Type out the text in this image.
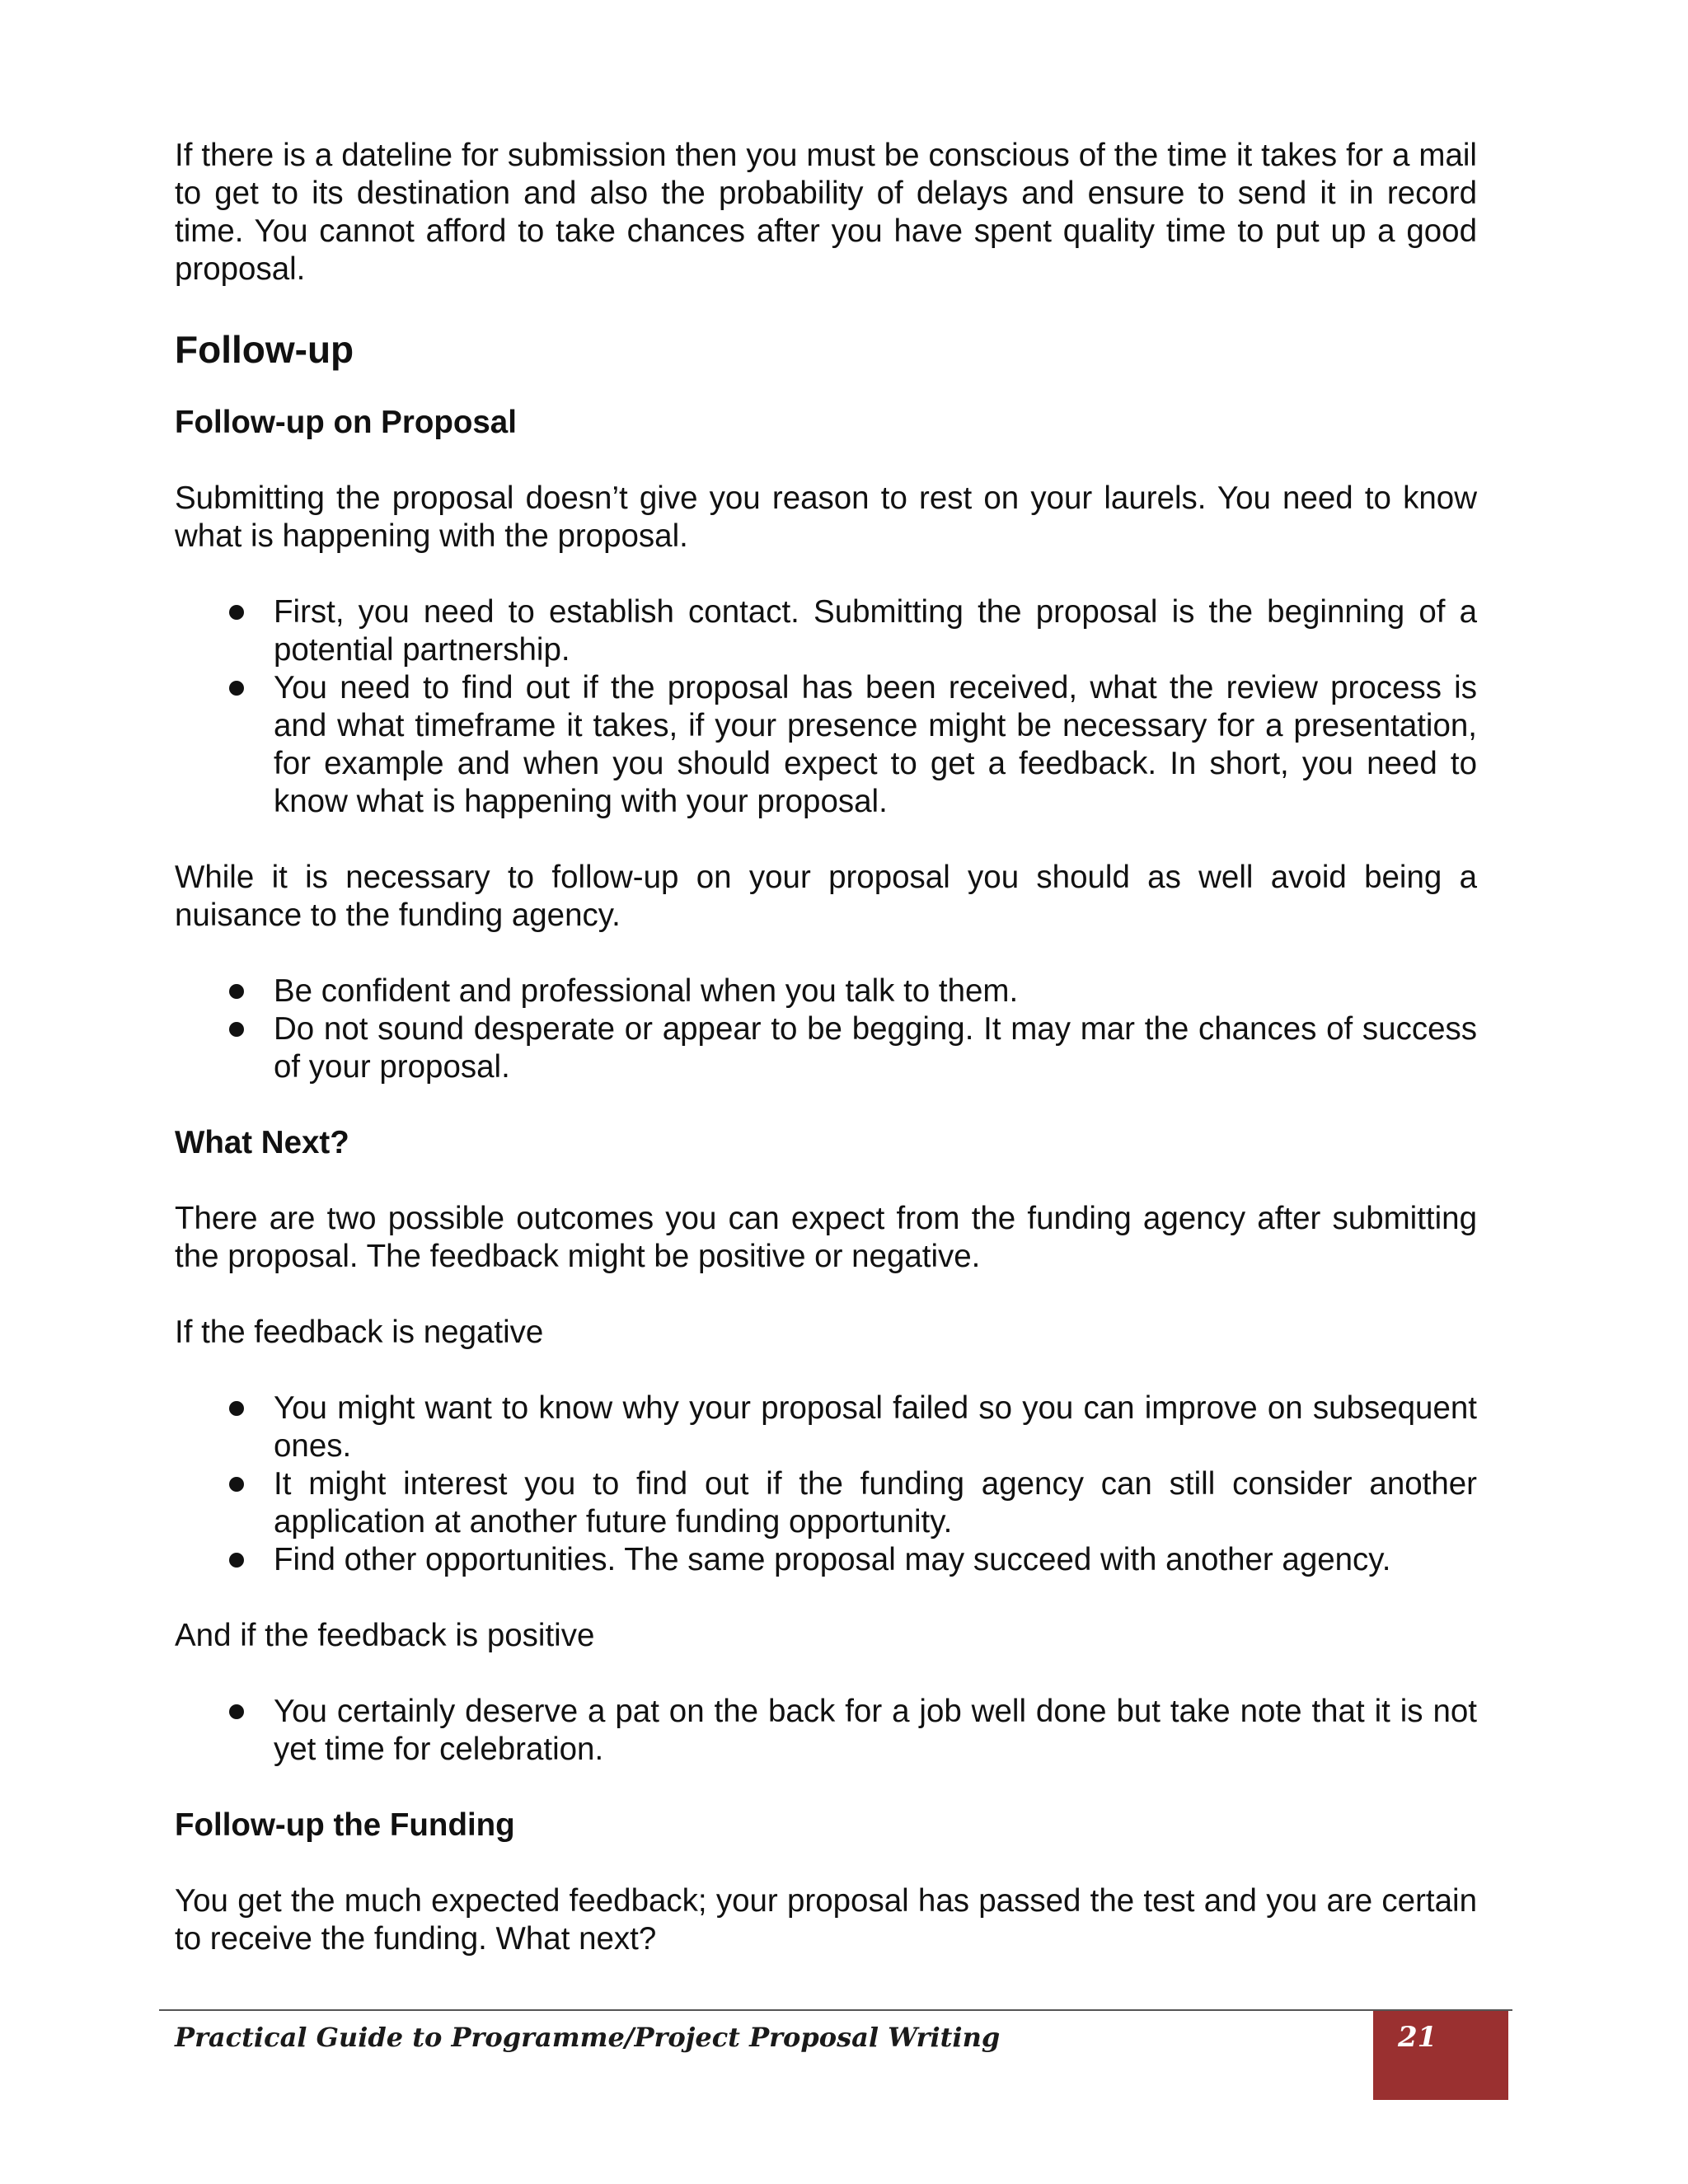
If there is a dateline for submission then you must be conscious of the time it takes for a mail to get to its destination and also the probability of delays and ensure to send it in record time. You cannot afford to take chances after you have spent quality time to put up a good proposal.

Follow-up
Follow-up on Proposal

Submitting the proposal doesn’t give you reason to rest on your laurels. You need to know what is happening with the proposal.

First, you need to establish contact. Submitting the proposal is the beginning of a potential partnership.
You need to find out if the proposal has been received, what the review process is and what timeframe it takes, if your presence might be necessary for a presentation, for example and when you should expect to get a feedback. In short, you need to know what is happening with your proposal.

While it is necessary to follow-up on your proposal you should as well avoid being a nuisance to the funding agency.

Be confident and professional when you talk to them.
Do not sound desperate or appear to be begging. It may mar the chances of success of your proposal.
What Next?

There are two possible outcomes you can expect from the funding agency after submitting the proposal. The feedback might be positive or negative.

If the feedback is negative

You might want to know why your proposal failed so you can improve on subsequent ones.
It might interest you to find out if the funding agency can still consider another application at another future funding opportunity.
Find other opportunities. The same proposal may succeed with another agency.

And if the feedback is positive

You certainly deserve a pat on the back for a job well done but take note that it is not yet time for celebration.
Follow-up the Funding

You get the much expected feedback; your proposal has passed the test and you are certain to receive the funding. What next?

Practical Guide to Programme/Project Proposal Writing	21
